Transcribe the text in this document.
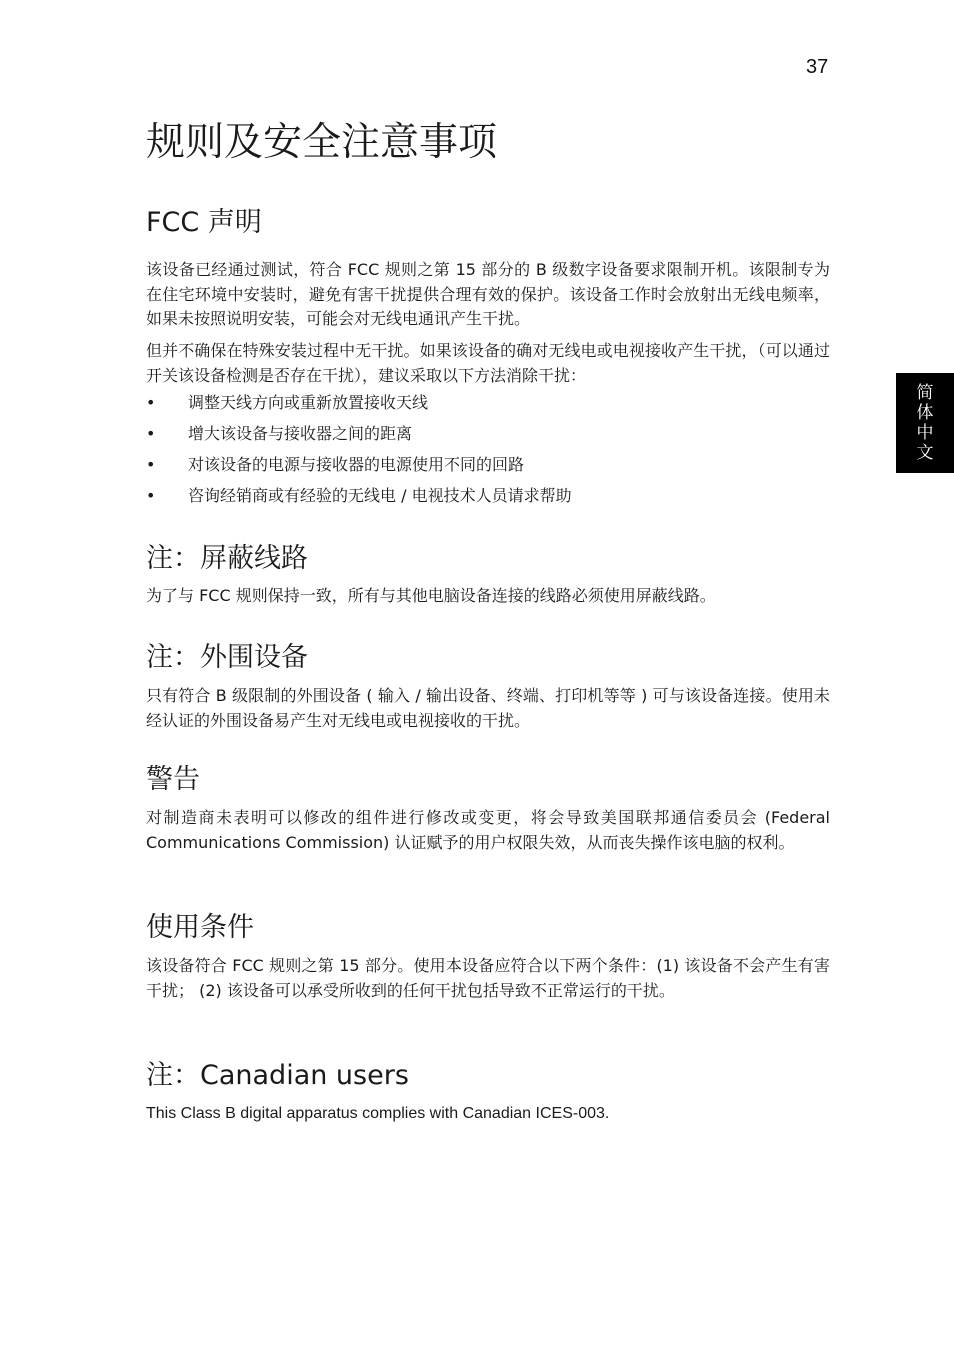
37
简
体
中
文
规则及安全注意事项
FCC 声明

该设备已经通过测试，符合 FCC 规则之第 15 部分的 B 级数字设备要求限制开机。该限制专为在住宅环境中安装时，避免有害干扰提供合理有效的保护。该设备工作时会放射出无线电频率，如果未按照说明安装，可能会对无线电通讯产生干扰。

但并不确保在特殊安装过程中无干扰。如果该设备的确对无线电或电视接收产生干扰，（可以通过开关该设备检测是否存在干扰），建议采取以下方法消除干扰：

• 调整天线方向或重新放置接收天线
• 增大该设备与接收器之间的距离
• 对该设备的电源与接收器的电源使用不同的回路
• 咨询经销商或有经验的无线电 / 电视技术人员请求帮助
注：屏蔽线路

为了与 FCC 规则保持一致，所有与其他电脑设备连接的线路必须使用屏蔽线路。

注：外围设备

只有符合 B 级限制的外围设备 ( 输入 / 输出设备、终端、打印机等等 ) 可与该设备连接。使用未经认证的外围设备易产生对无线电或电视接收的干扰。

警告

对制造商未表明可以修改的组件进行修改或变更，将会导致美国联邦通信委员会 (Federal Communications Commission) 认证赋予的用户权限失效，从而丧失操作该电脑的权利。

使用条件

该设备符合 FCC 规则之第 15 部分。使用本设备应符合以下两个条件：(1) 该设备不会产生有害干扰； (2) 该设备可以承受所收到的任何干扰包括导致不正常运行的干扰。

注：Canadian users

This Class B digital apparatus complies with Canadian ICES-003.
